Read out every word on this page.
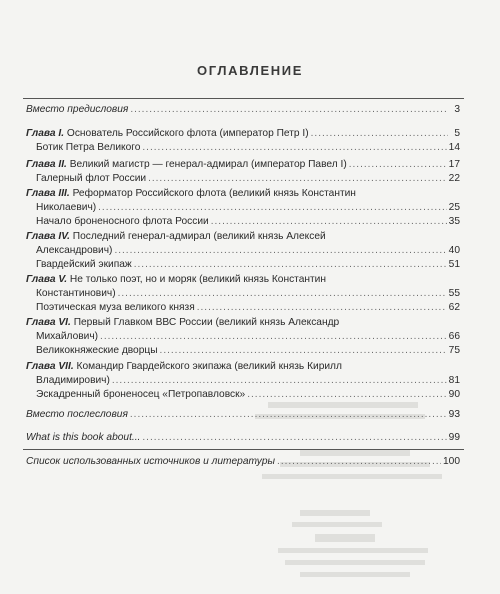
ОГЛАВЛЕНИЕ
Вместо предисловия .....	3
Глава I. Основатель Российского флота (император Петр I) .....	5
Ботик Петра Великого .....	14
Глава II. Великий магистр — генерал-адмирал (император Павел I) .....	17
Галерный флот России .....	22
Глава III. Реформатор Российского флота (великий князь Константин
Николаевич) .....	25
Начало броненосного флота России .....	35
Глава IV. Последний генерал-адмирал (великий князь Алексей
Александрович) .....	40
Гвардейский экипаж .....	51
Глава V. Не только поэт, но и моряк (великий князь Константин
Константинович) .....	55
Поэтическая муза великого князя .....	62
Глава VI. Первый Главком ВВС России (великий князь Александр
Михайлович) .....	66
Великокняжеские дворцы .....	75
Глава VII. Командир Гвардейского экипажа (великий князь Кирилл
Владимирович) .....	81
Эскадренный броненосец «Петропавловск» .....	90
Вместо послесловия .....	93
What is this book about... .....	99
Список использованных источников и литературы .....	100
